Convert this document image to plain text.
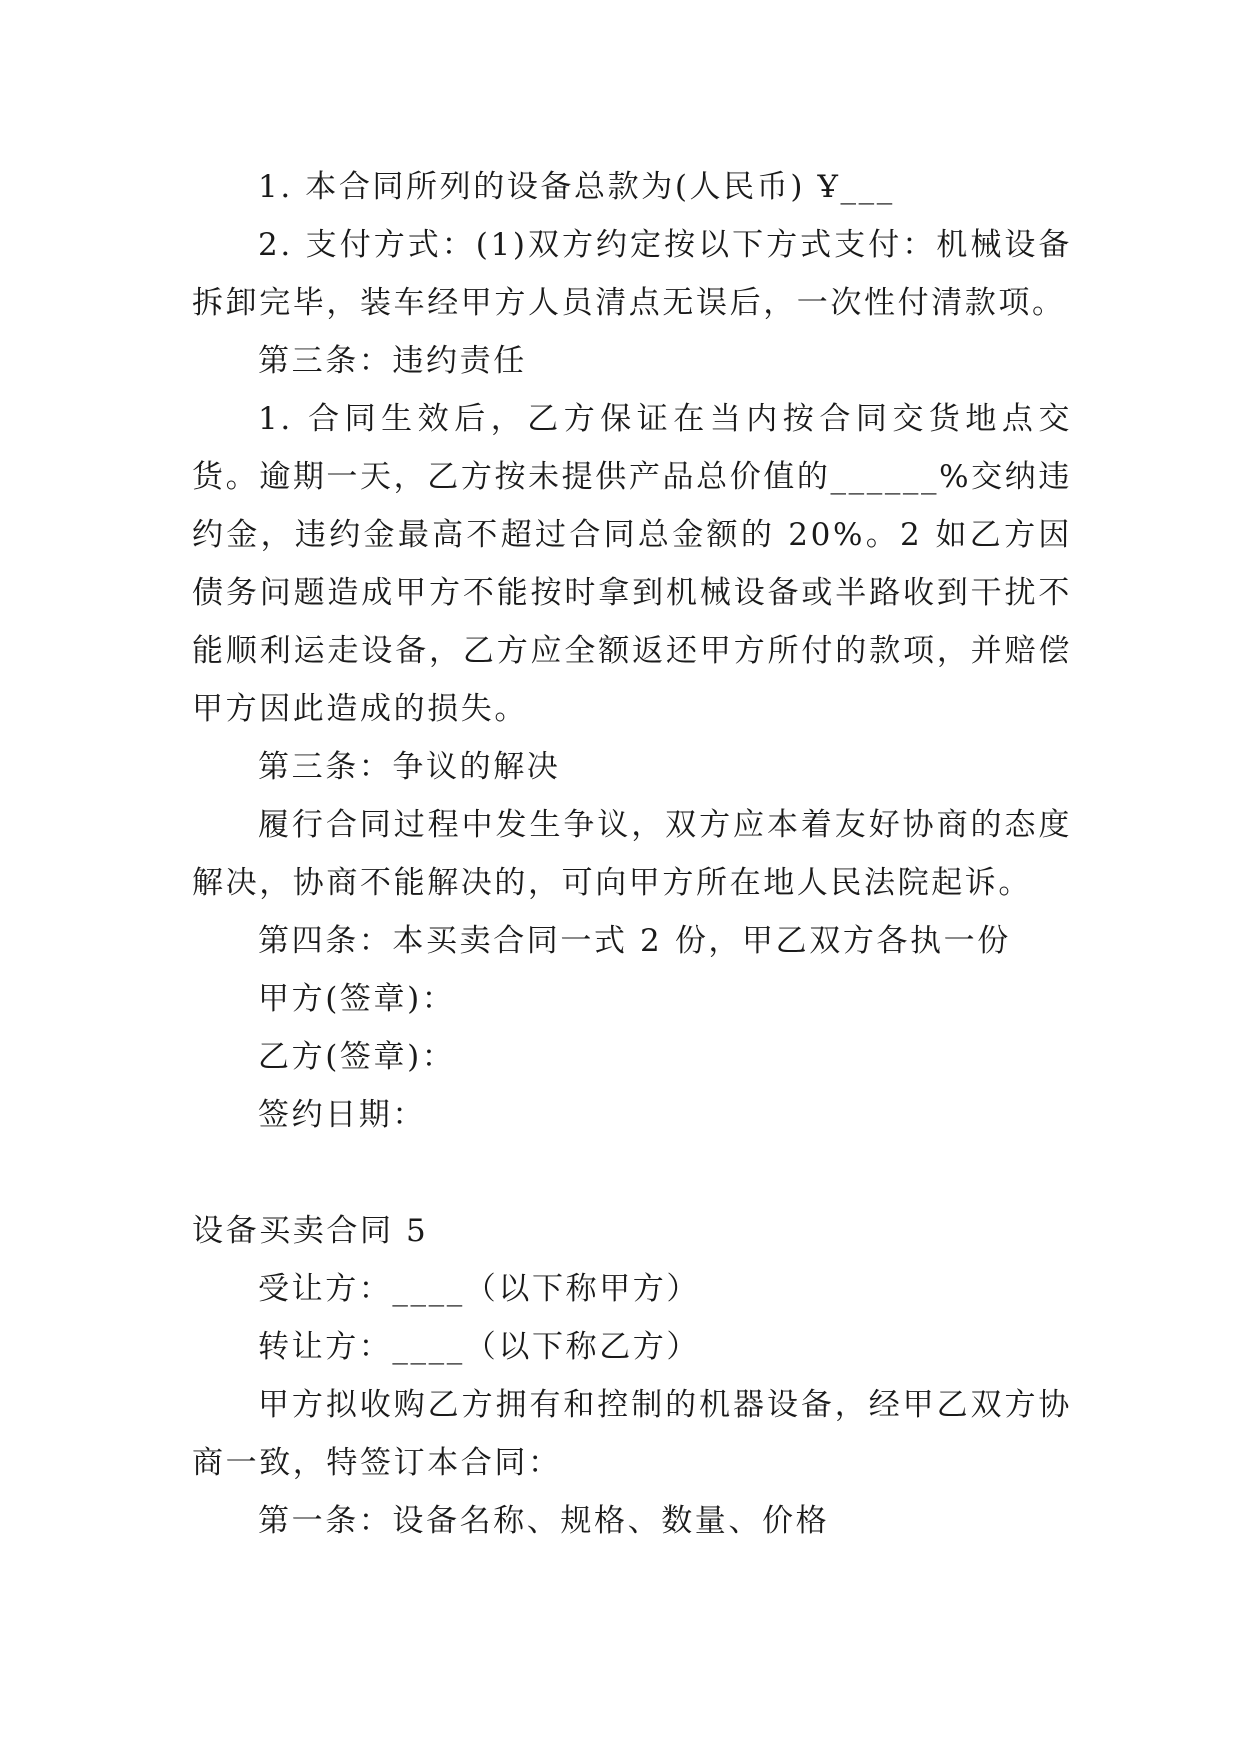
1. 本合同所列的设备总款为(人民币) Ұ___

2. 支付方式：(1)双方约定按以下方式支付：机械设备拆卸完毕，装车经甲方人员清点无误后，一次性付清款项。

第三条：违约责任

1. 合同生效后，乙方保证在当内按合同交货地点交货。逾期一天，乙方按未提供产品总价值的______%交纳违约金，违约金最高不超过合同总金额的 20%。2 如乙方因债务问题造成甲方不能按时拿到机械设备或半路收到干扰不能顺利运走设备，乙方应全额返还甲方所付的款项，并赔偿甲方因此造成的损失。

第三条：争议的解决

履行合同过程中发生争议，双方应本着友好协商的态度解决，协商不能解决的，可向甲方所在地人民法院起诉。

第四条：本买卖合同一式 2 份，甲乙双方各执一份

甲方(签章)：

乙方(签章)：

签约日期：

设备买卖合同 5

受让方：____（以下称甲方）

转让方：____（以下称乙方）

甲方拟收购乙方拥有和控制的机器设备，经甲乙双方协商一致，特签订本合同：

第一条：设备名称、规格、数量、价格
